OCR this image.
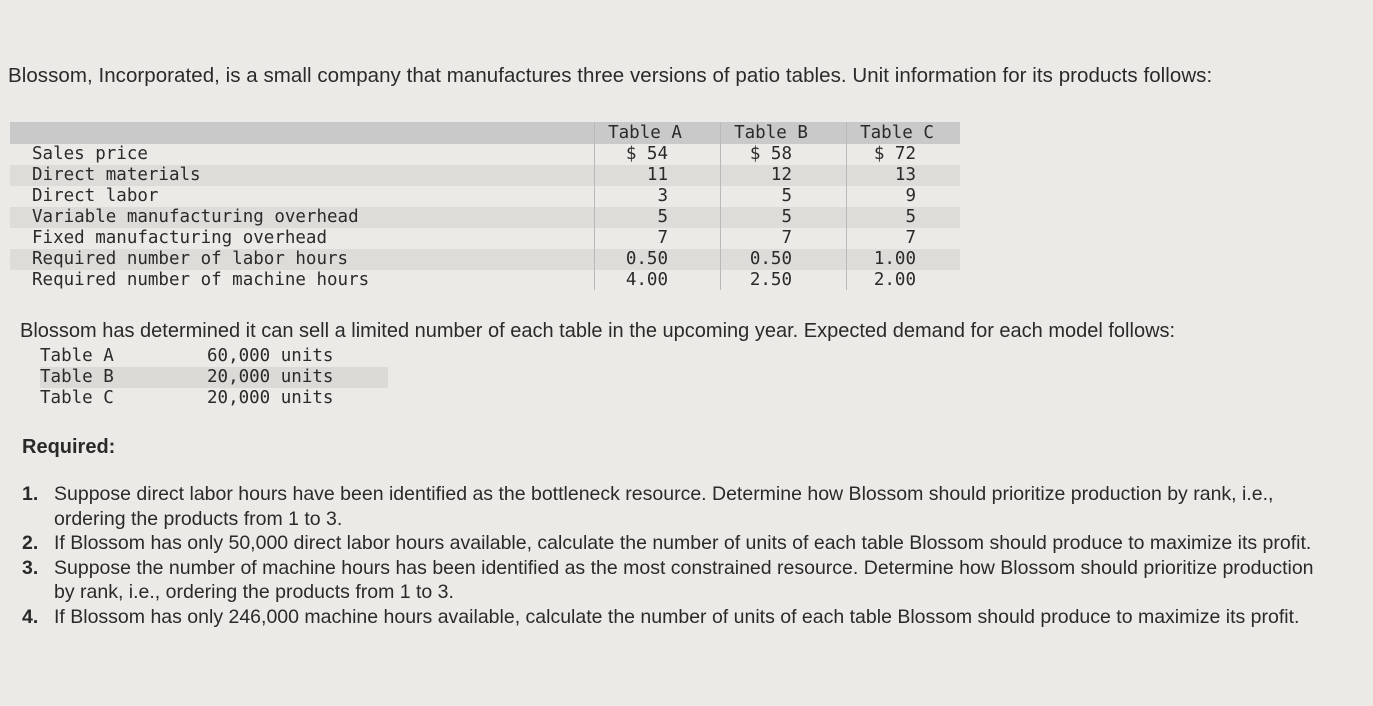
Blossom, Incorporated, is a small company that manufactures three versions of patio tables. Unit information for its products follows:
Table A	Table B	Table C
Sales price	$ 54	$ 58	$ 72
Direct materials	11	12	13
Direct labor	3	5	9
Variable manufacturing overhead	5	5	5
Fixed manufacturing overhead	7	7	7
Required number of labor hours	0.50	0.50	1.00
Required number of machine hours	4.00	2.50	2.00
Blossom has determined it can sell a limited number of each table in the upcoming year. Expected demand for each model follows:
Table A	60,000 units
Table B	20,000 units
Table C	20,000 units
Required:
1. Suppose direct labor hours have been identified as the bottleneck resource. Determine how Blossom should prioritize production by rank, i.e., ordering the products from 1 to 3.
2. If Blossom has only 50,000 direct labor hours available, calculate the number of units of each table Blossom should produce to maximize its profit.
3. Suppose the number of machine hours has been identified as the most constrained resource. Determine how Blossom should prioritize production by rank, i.e., ordering the products from 1 to 3.
4. If Blossom has only 246,000 machine hours available, calculate the number of units of each table Blossom should produce to maximize its profit.
